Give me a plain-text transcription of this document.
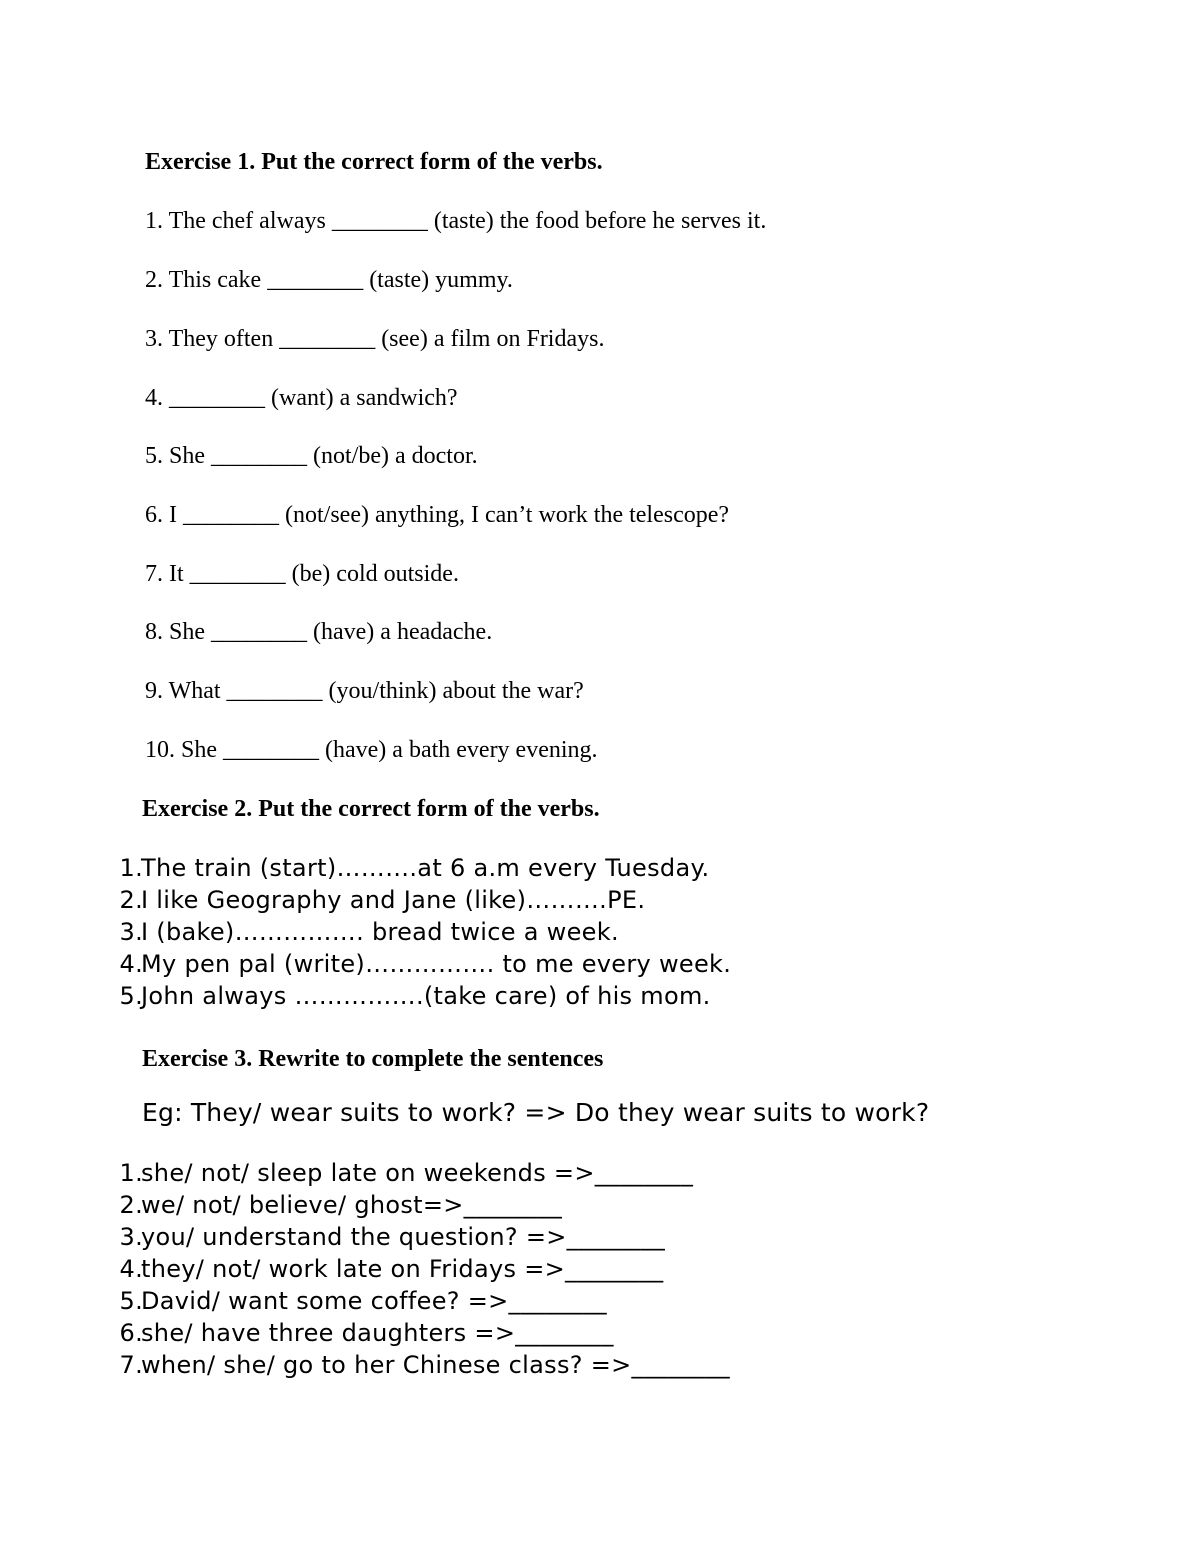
Exercise 1. Put the correct form of the verbs.
1. The chef always ________ (taste) the food before he serves it.
2. This cake ________ (taste) yummy.
3. They often ________ (see) a film on Fridays.
4. ________ (want) a sandwich?
5. She ________ (not/be) a doctor.
6. I ________ (not/see) anything, I can’t work the telescope?
7. It ________ (be) cold outside.
8. She ________ (have) a headache.
9. What ________ (you/think) about the war?
10. She ________ (have) a bath every evening.
Exercise 2. Put the correct form of the verbs.
1.
The train (start)……….at 6 a.m every Tuesday.

2.
I like Geography and Jane (like)……….PE.

3.
I (bake)……………. bread twice a week.

4.
My pen pal (write)……………. to me every week.

5.
John always …………….(take care) of his mom.

Exercise 3. Rewrite to complete the sentences
Eg: They/ wear suits to work? => Do they wear suits to work?
1.
she/ not/ sleep late on weekends =>________

2.
we/ not/ believe/ ghost=>________

3.
you/ understand the question? =>________

4.
they/ not/ work late on Fridays =>________

5.
David/ want some coffee? =>________

6.
she/ have three daughters =>________

7.
when/ she/ go to her Chinese class? =>________
